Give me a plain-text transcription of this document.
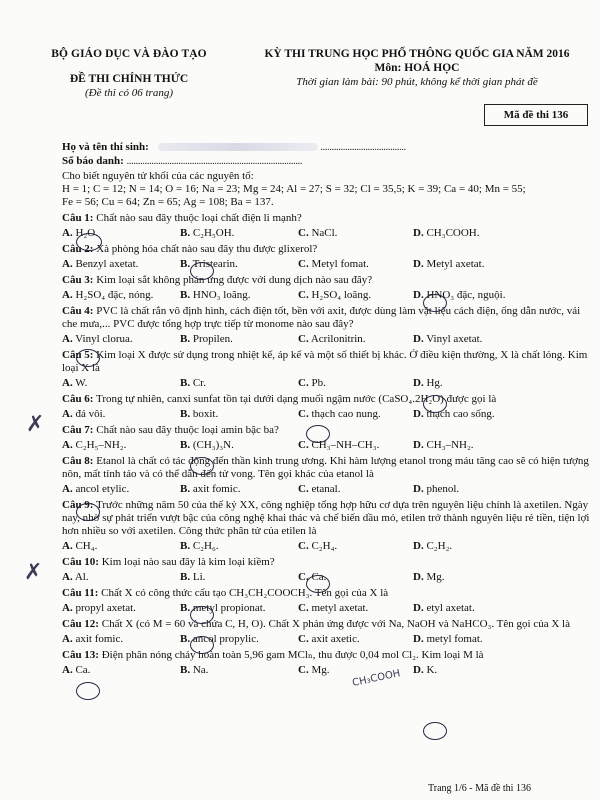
BỘ GIÁO DỤC VÀ ĐÀO TẠO
ĐỀ THI CHÍNH THỨC
(Đề thi có 06 trang)
KỲ THI TRUNG HỌC PHỔ THÔNG QUỐC GIA NĂM 2016
Môn: HOÁ HỌC
Thời gian làm bài: 90 phút, không kể thời gian phát đề
Mã đề thi 136
Họ và tên thí sinh:	......................................
Số báo danh: ..............................................................................

Cho biết nguyên tử khối của các nguyên tố:

H = 1; C = 12; N = 14; O = 16; Na = 23; Mg = 24; Al = 27; S = 32; Cl = 35,5; K = 39; Ca = 40; Mn = 55;

Fe = 56; Cu = 64; Zn = 65; Ag = 108; Ba = 137.

Câu 1: Chất nào sau đây thuộc loại chất điện li mạnh?
A. H₂O.	B. C₂H₅OH.	C. NaCl.	D. CH₃COOH.
Câu 2: Xà phòng hóa chất nào sau đây thu được glixerol?
A. Benzyl axetat.	B. Tristearin.	C. Metyl fomat.	D. Metyl axetat.
Câu 3: Kim loại sắt không phản ứng được với dung dịch nào sau đây?
A. H₂SO₄ đặc, nóng.	B. HNO₃ loãng.	C. H₂SO₄ loãng.	D. HNO₃ đặc, nguội.
Câu 4: PVC là chất rắn vô định hình, cách điện tốt, bền với axit, được dùng làm vật liệu cách điện, ống dẫn nước, vải che mưa,... PVC được tổng hợp trực tiếp từ monome nào sau đây?
A. Vinyl clorua.	B. Propilen.	C. Acrilonitrin.	D. Vinyl axetat.
Câu 5: Kim loại X được sử dụng trong nhiệt kế, áp kế và một số thiết bị khác. Ở điều kiện thường, X là chất lỏng. Kim loại X là
A. W.	B. Cr.	C. Pb.	D. Hg.
Câu 6: Trong tự nhiên, canxi sunfat tồn tại dưới dạng muối ngậm nước (CaSO₄.2H₂O) được gọi là
A. đá vôi.	B. boxit.	C. thạch cao nung.	D. thạch cao sống.
Câu 7: Chất nào sau đây thuộc loại amin bậc ba?
A. C₂H₅–NH₂.	B. (CH₃)₃N.	C. CH₃–NH–CH₃.	D. CH₃–NH₂.
Câu 8: Etanol là chất có tác động đến thần kinh trung ương. Khi hàm lượng etanol trong máu tăng cao sẽ có hiện tượng nôn, mất tỉnh táo và có thể dẫn đến tử vong. Tên gọi khác của etanol là
A. ancol etylic.	B. axit fomic.	C. etanal.	D. phenol.
Câu 9: Trước những năm 50 của thế kỷ XX, công nghiệp tổng hợp hữu cơ dựa trên nguyên liệu chính là axetilen. Ngày nay, nhờ sự phát triển vượt bậc của công nghệ khai thác và chế biến dầu mỏ, etilen trở thành nguyên liệu rẻ tiền, tiện lợi hơn nhiều so với axetilen. Công thức phân tử của etilen là
A. CH₄.	B. C₂H₆.	C. C₂H₄.	D. C₂H₂.
Câu 10: Kim loại nào sau đây là kim loại kiềm?
A. Al.	B. Li.	C. Ca.	D. Mg.
Câu 11: Chất X có công thức cấu tạo CH₃CH₂COOCH₃. Tên gọi của X là
A. propyl axetat.	B. metyl propionat.	C. metyl axetat.	D. etyl axetat.
Câu 12: Chất X (có M = 60 và chứa C, H, O). Chất X phản ứng được với Na, NaOH và NaHCO₃. Tên gọi của X là
A. axit fomic.	B. ancol propylic.	C. axit axetic.	D. metyl fomat.
Câu 13: Điện phân nóng chảy hoàn toàn 5,96 gam MClₙ, thu được 0,04 mol Cl₂. Kim loại M là
A. Ca.	B. Na.	C. Mg.	D. K.
Trang 1/6 - Mã đề thi 136
CH₃COOH
✗
✗
